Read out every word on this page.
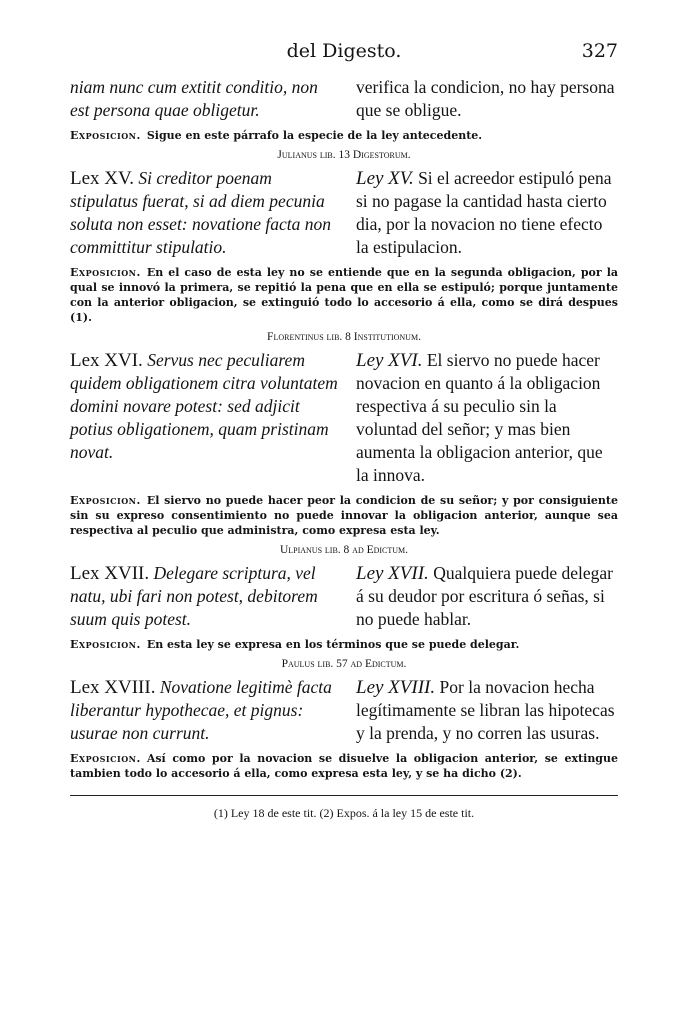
del Digesto.	327
niam nunc cum extitit conditio, non est persona quae obligetur.
verifica la condicion, no hay persona que se obligue.
Exposicion. Sigue en este párrafo la especie de la ley antecedente.
Julianus lib. 13 Digestorum.
Lex XV. Si creditor poenam stipulatus fuerat, si ad diem pecunia soluta non esset: novatione facta non committitur stipulatio.
Ley XV. Si el acreedor estipuló pena si no pagase la cantidad hasta cierto dia, por la novacion no tiene efecto la estipulacion.
Exposicion. En el caso de esta ley no se entiende que en la segunda obligacion, por la qual se innovó la primera, se repitió la pena que en ella se estipuló; porque juntamente con la anterior obligacion, se extinguió todo lo accesorio á ella, como se dirá despues (1).
Florentinus lib. 8 Institutionum.
Lex XVI. Servus nec peculiarem quidem obligationem citra voluntatem domini novare potest: sed adjicit potius obligationem, quam pristinam novat.
Ley XVI. El siervo no puede hacer novacion en quanto á la obligacion respectiva á su peculio sin la voluntad del señor; y mas bien aumenta la obligacion anterior, que la innova.
Exposicion. El siervo no puede hacer peor la condicion de su señor; y por consiguiente sin su expreso consentimiento no puede innovar la obligacion anterior, aunque sea respectiva al peculio que administra, como expresa esta ley.
Ulpianus lib. 8 ad Edictum.
Lex XVII. Delegare scriptura, vel natu, ubi fari non potest, debitorem suum quis potest.
Ley XVII. Qualquiera puede delegar á su deudor por escritura ó señas, si no puede hablar.
Exposicion. En esta ley se expresa en los términos que se puede delegar.
Paulus lib. 57 ad Edictum.
Lex XVIII. Novatione legitimè facta liberantur hypothecae, et pignus: usurae non currunt.
Ley XVIII. Por la novacion hecha legítimamente se libran las hipotecas y la prenda, y no corren las usuras.
Exposicion. Así como por la novacion se disuelve la obligacion anterior, se extingue tambien todo lo accesorio á ella, como expresa esta ley, y se ha dicho (2).
(1) Ley 18 de este tit. (2) Expos. á la ley 15 de este tit.
